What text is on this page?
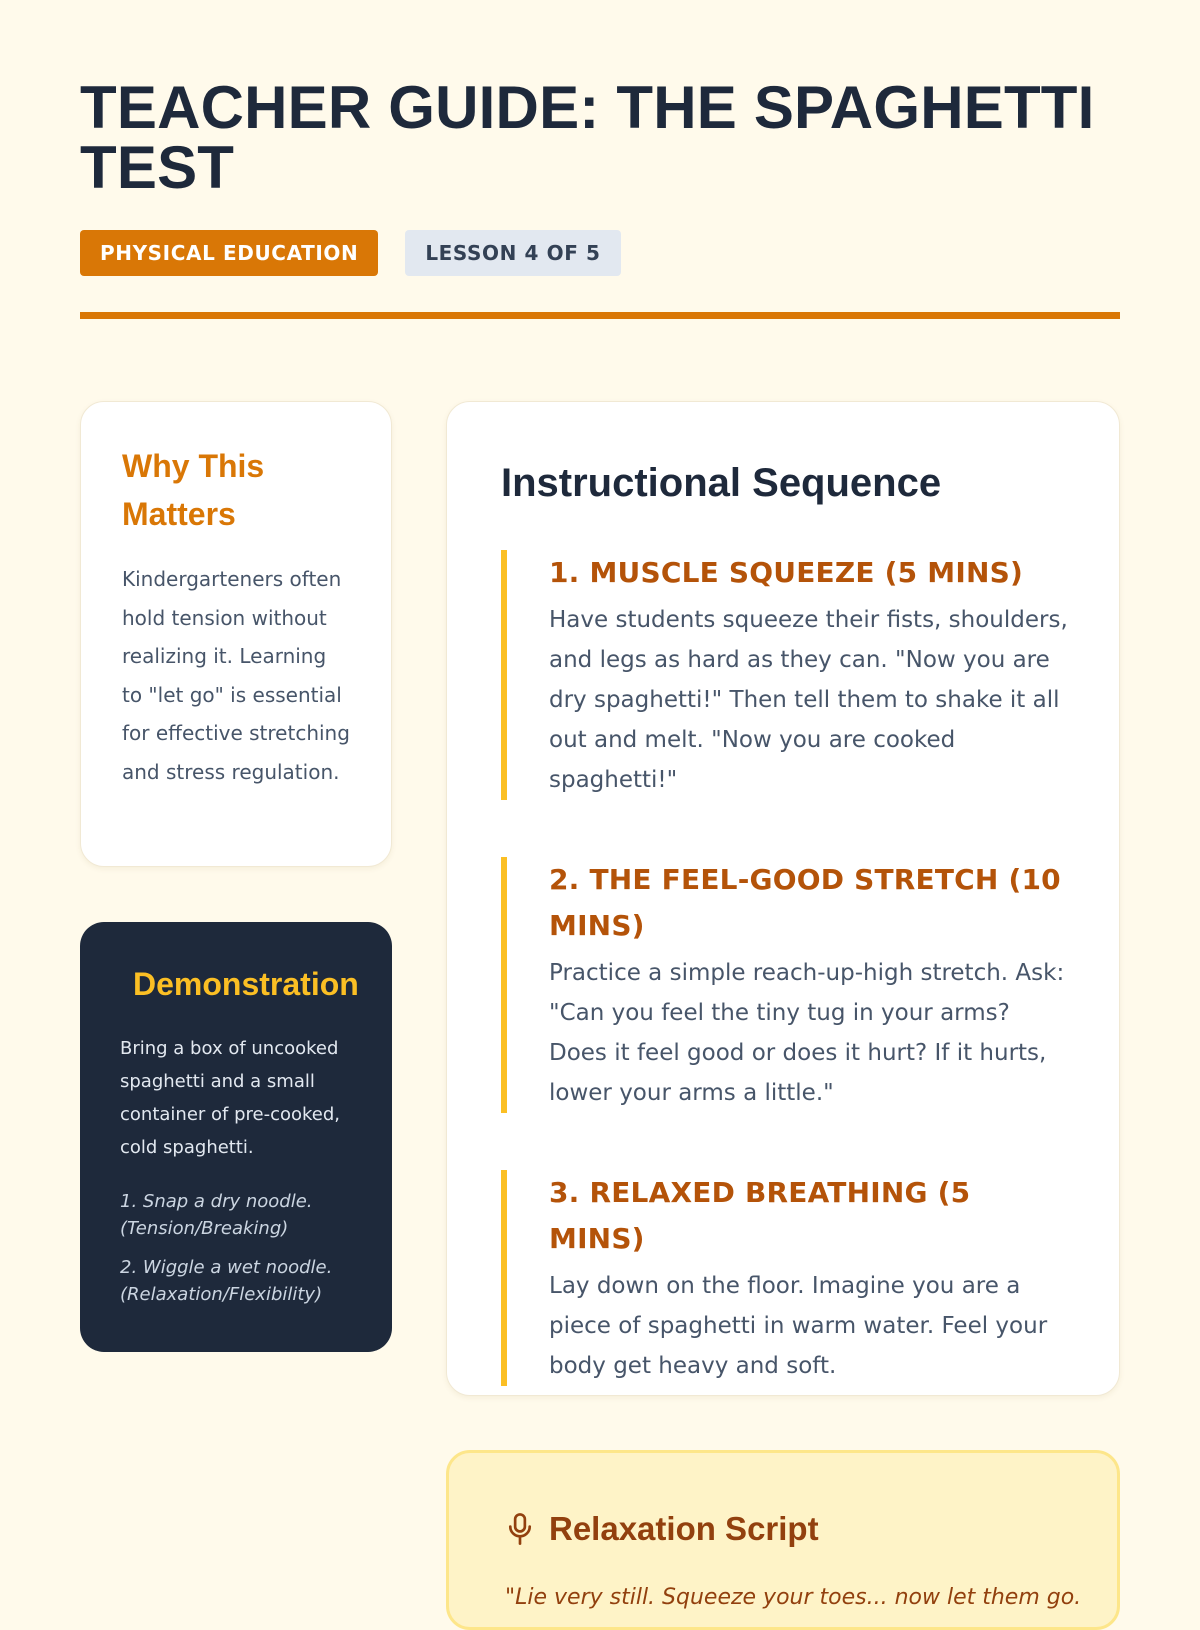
TEACHER GUIDE: THE SPAGHETTI TEST
PHYSICAL EDUCATION	LESSON 4 OF 5
Why This Matters

Kindergarteners often hold tension without realizing it. Learning to "let go" is essential for effective stretching and stress regulation.

Demonstration

Bring a box of uncooked spaghetti and a small container of pre-cooked, cold spaghetti.

1. Snap a dry noodle. (Tension/Breaking)

2. Wiggle a wet noodle. (Relaxation/Flexibility)

Instructional Sequence
1. MUSCLE SQUEEZE (5 MINS)

Have students squeeze their fists, shoulders, and legs as hard as they can. "Now you are dry spaghetti!" Then tell them to shake it all out and melt. "Now you are cooked spaghetti!"

2. THE FEEL-GOOD STRETCH (10 MINS)

Practice a simple reach-up-high stretch. Ask: "Can you feel the tiny tug in your arms? Does it feel good or does it hurt? If it hurts, lower your arms a little."

3. RELAXED BREATHING (5 MINS)

Lay down on the floor. Imagine you are a piece of spaghetti in warm water. Feel your body get heavy and soft.

Relaxation Script

"Lie very still. Squeeze your toes... now let them go.
